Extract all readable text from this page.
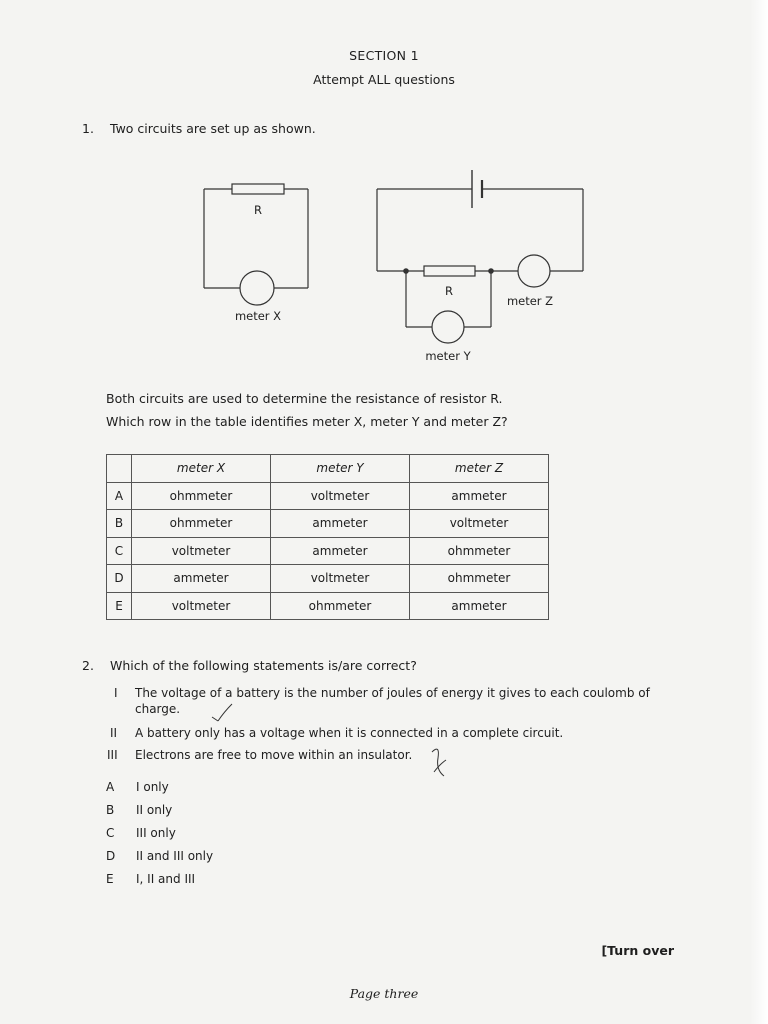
SECTION 1
Attempt ALL questions
1. Two circuits are set up as shown.
R
meter X
R
meter Z
meter Y
Both circuits are used to determine the resistance of resistor R.
Which row in the table identifies meter X, meter Y and meter Z?
	meter X	meter Y	meter Z
A	ohmmeter	voltmeter	ammeter
B	ohmmeter	ammeter	voltmeter
C	voltmeter	ammeter	ohmmeter
D	ammeter	voltmeter	ohmmeter
E	voltmeter	ohmmeter	ammeter
2. Which of the following statements is/are correct?
I The voltage of a battery is the number of joules of energy it gives to each coulomb of
charge.
II A battery only has a voltage when it is connected in a complete circuit.
III Electrons are free to move within an insulator.
A I only
B II only
C III only
D II and III only
E I, II and III
[Turn over
Page three
